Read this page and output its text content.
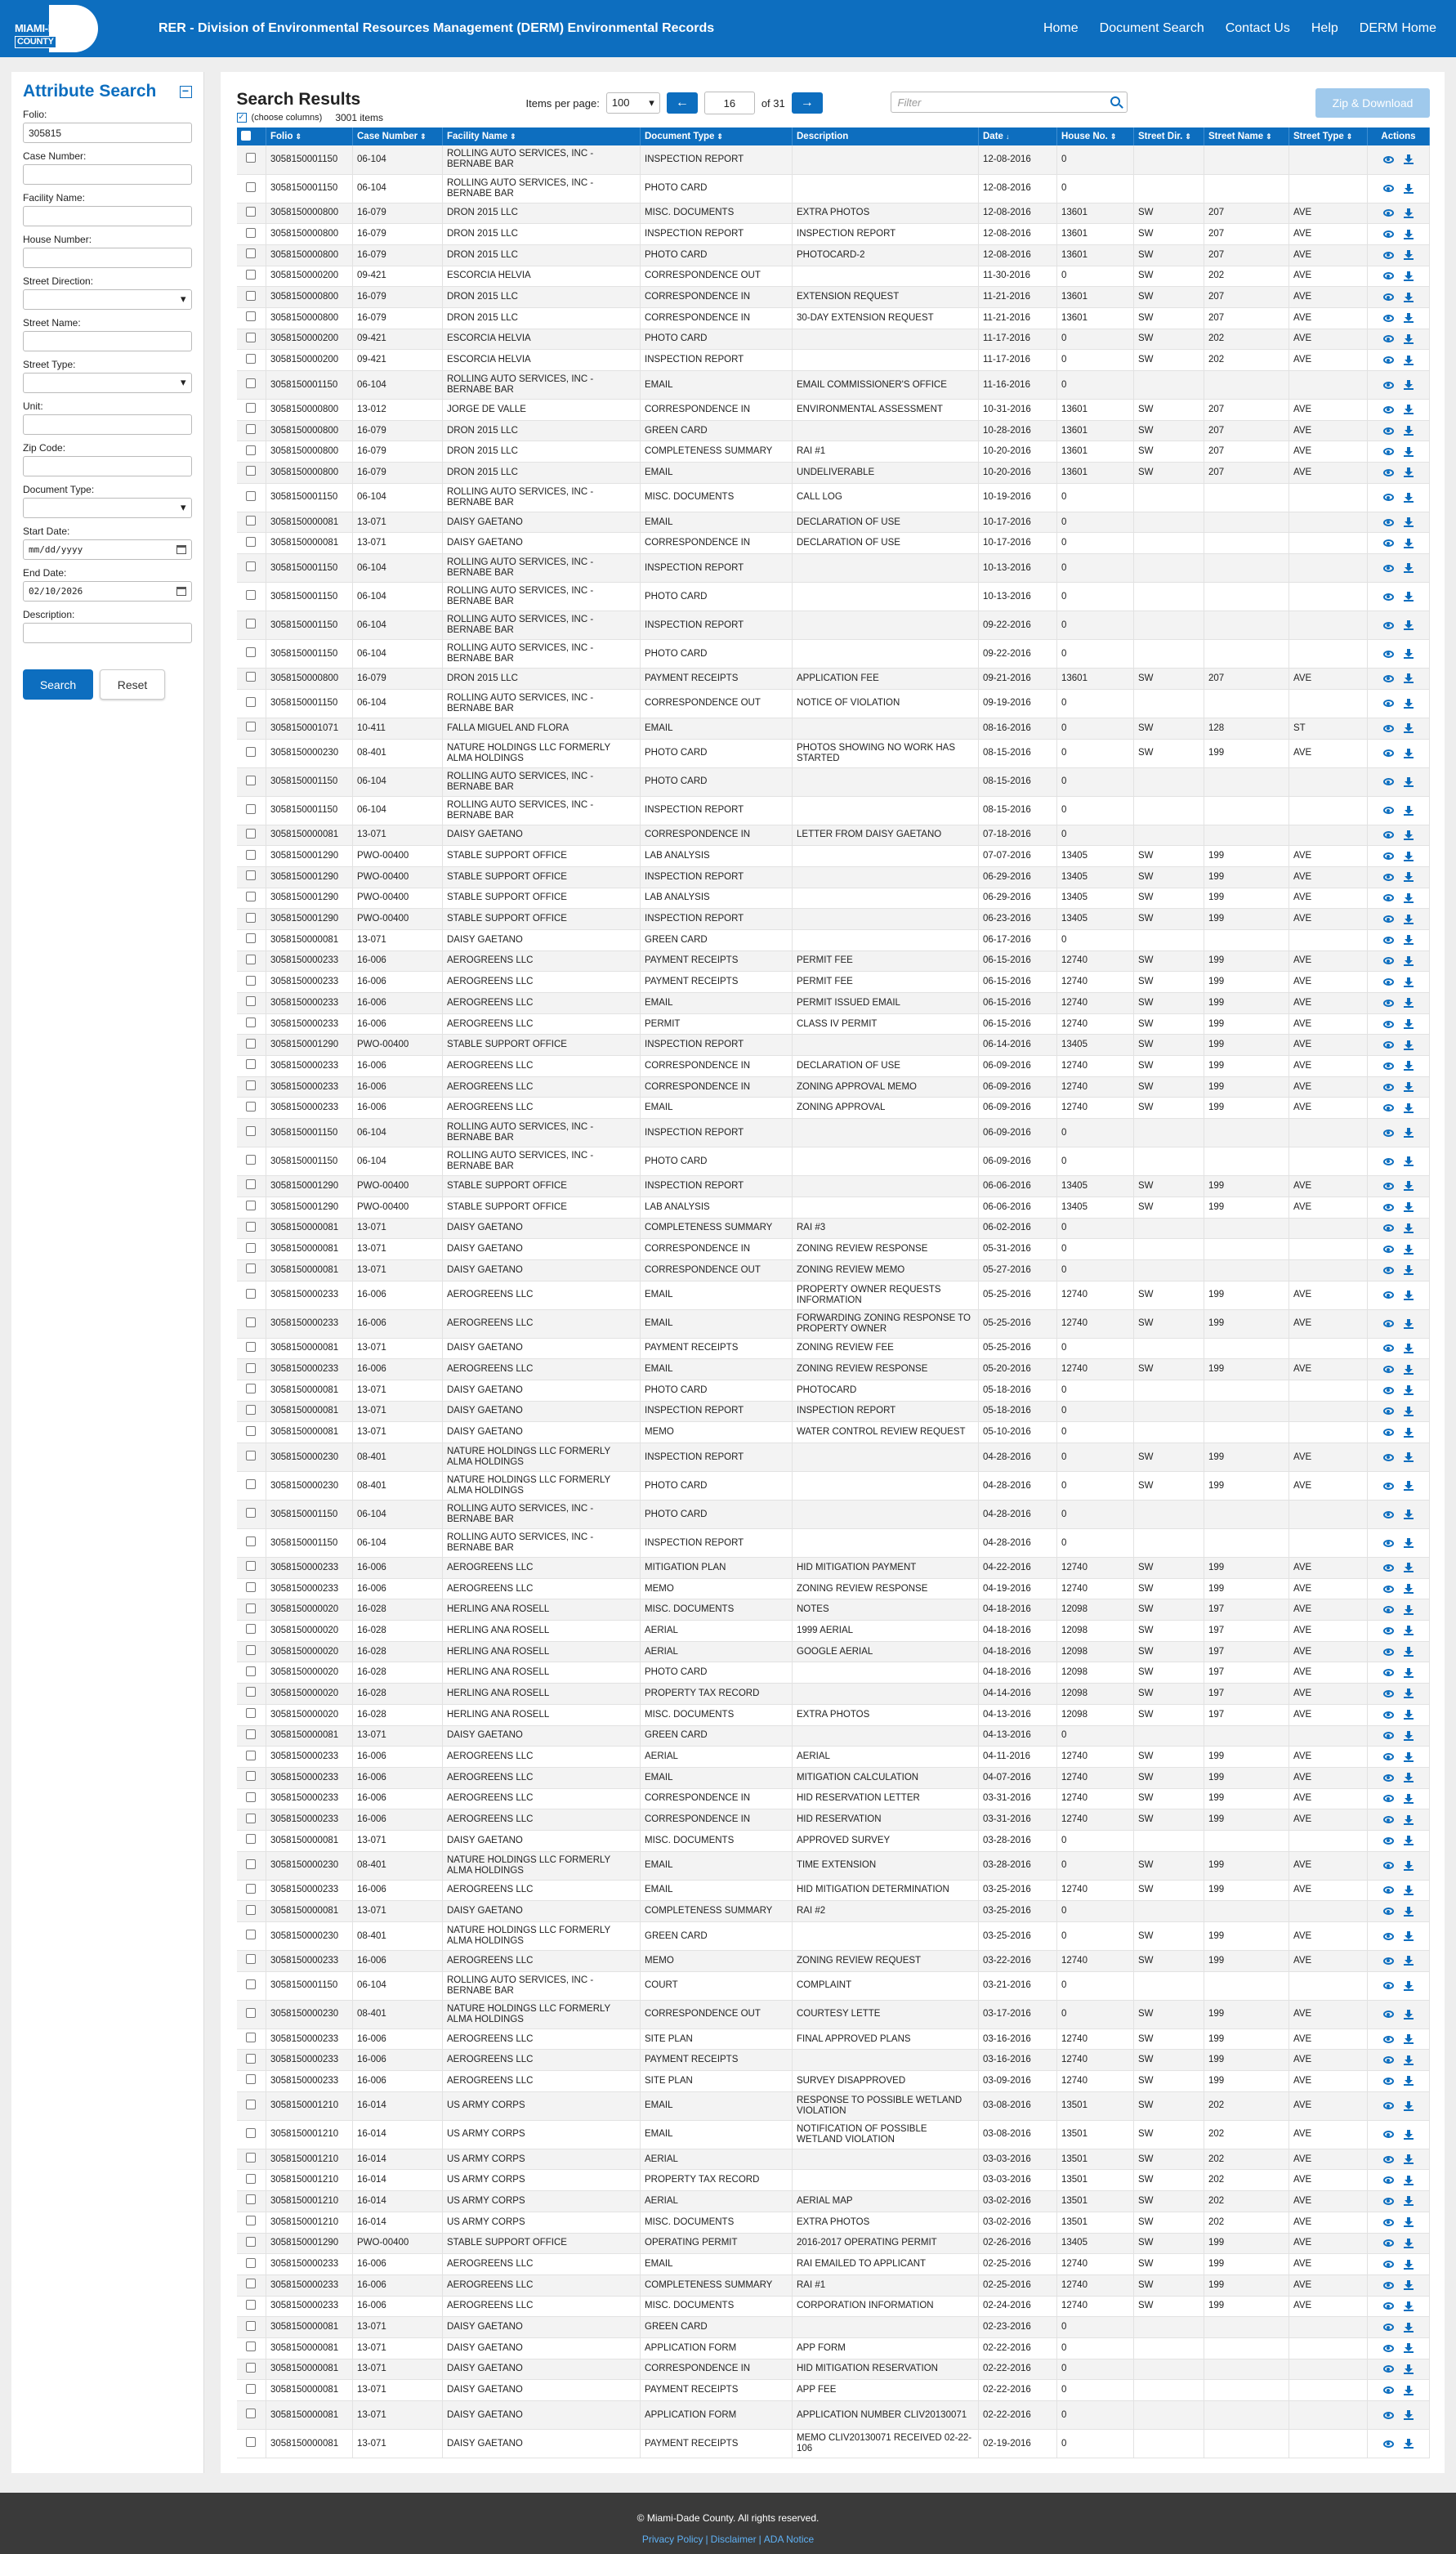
MIAMI-DADE
COUNTY
RER - Division of Environmental Resources Management (DERM) Environmental Records	Home Document Search Contact Us Help DERM Home
Attribute Search −
Folio:
305815
Case Number:
Facility Name:
House Number:
Street Direction:
▾
Street Name:
Street Type:
▾
Unit:
Zip Code:
Document Type:
▾
Start Date:
mm/dd/yyyy
End Date:
02/10/2026
Description:
Search	Reset
Search Results	Items per page:	100 ▾	←	16	of 31	→	Filter	Zip & Download
✓ (choose columns) 3001 items
	Folio ⇕	Case Number ⇕	Facility Name ⇕	Document Type ⇕	Description	Date ↓	House No. ⇕	Street Dir. ⇕	Street Name ⇕	Street Type ⇕	Actions
	3058150001150	06-104	ROLLING AUTO SERVICES, INC - BERNABE BAR	INSPECTION REPORT		12-08-2016	0				

	3058150001150	06-104	ROLLING AUTO SERVICES, INC - BERNABE BAR	PHOTO CARD		12-08-2016	0				

	3058150000800	16-079	DRON 2015 LLC	MISC. DOCUMENTS	EXTRA PHOTOS	12-08-2016	13601	SW	207	AVE	

	3058150000800	16-079	DRON 2015 LLC	INSPECTION REPORT	INSPECTION REPORT	12-08-2016	13601	SW	207	AVE	

	3058150000800	16-079	DRON 2015 LLC	PHOTO CARD	PHOTOCARD-2	12-08-2016	13601	SW	207	AVE	

	3058150000200	09-421	ESCORCIA HELVIA	CORRESPONDENCE OUT		11-30-2016	0	SW	202	AVE	

	3058150000800	16-079	DRON 2015 LLC	CORRESPONDENCE IN	EXTENSION REQUEST	11-21-2016	13601	SW	207	AVE	

	3058150000800	16-079	DRON 2015 LLC	CORRESPONDENCE IN	30-DAY EXTENSION REQUEST	11-21-2016	13601	SW	207	AVE	

	3058150000200	09-421	ESCORCIA HELVIA	PHOTO CARD		11-17-2016	0	SW	202	AVE	

	3058150000200	09-421	ESCORCIA HELVIA	INSPECTION REPORT		11-17-2016	0	SW	202	AVE	

	3058150001150	06-104	ROLLING AUTO SERVICES, INC - BERNABE BAR	EMAIL	EMAIL COMMISSIONER'S OFFICE	11-16-2016	0				

	3058150000800	13-012	JORGE DE VALLE	CORRESPONDENCE IN	ENVIRONMENTAL ASSESSMENT	10-31-2016	13601	SW	207	AVE	

	3058150000800	16-079	DRON 2015 LLC	GREEN CARD		10-28-2016	13601	SW	207	AVE	

	3058150000800	16-079	DRON 2015 LLC	COMPLETENESS SUMMARY	RAI #1	10-20-2016	13601	SW	207	AVE	

	3058150000800	16-079	DRON 2015 LLC	EMAIL	UNDELIVERABLE	10-20-2016	13601	SW	207	AVE	

	3058150001150	06-104	ROLLING AUTO SERVICES, INC - BERNABE BAR	MISC. DOCUMENTS	CALL LOG	10-19-2016	0				

	3058150000081	13-071	DAISY GAETANO	EMAIL	DECLARATION OF USE	10-17-2016	0				

	3058150000081	13-071	DAISY GAETANO	CORRESPONDENCE IN	DECLARATION OF USE	10-17-2016	0				

	3058150001150	06-104	ROLLING AUTO SERVICES, INC - BERNABE BAR	INSPECTION REPORT		10-13-2016	0				

	3058150001150	06-104	ROLLING AUTO SERVICES, INC - BERNABE BAR	PHOTO CARD		10-13-2016	0				

	3058150001150	06-104	ROLLING AUTO SERVICES, INC - BERNABE BAR	INSPECTION REPORT		09-22-2016	0				

	3058150001150	06-104	ROLLING AUTO SERVICES, INC - BERNABE BAR	PHOTO CARD		09-22-2016	0				

	3058150000800	16-079	DRON 2015 LLC	PAYMENT RECEIPTS	APPLICATION FEE	09-21-2016	13601	SW	207	AVE	

	3058150001150	06-104	ROLLING AUTO SERVICES, INC - BERNABE BAR	CORRESPONDENCE OUT	NOTICE OF VIOLATION	09-19-2016	0				

	3058150001071	10-411	FALLA MIGUEL AND FLORA	EMAIL		08-16-2016	0	SW	128	ST	

	3058150000230	08-401	NATURE HOLDINGS LLC FORMERLY ALMA HOLDINGS	PHOTO CARD	PHOTOS SHOWING NO WORK HAS STARTED	08-15-2016	0	SW	199	AVE	

	3058150001150	06-104	ROLLING AUTO SERVICES, INC - BERNABE BAR	PHOTO CARD		08-15-2016	0				

	3058150001150	06-104	ROLLING AUTO SERVICES, INC - BERNABE BAR	INSPECTION REPORT		08-15-2016	0				

	3058150000081	13-071	DAISY GAETANO	CORRESPONDENCE IN	LETTER FROM DAISY GAETANO	07-18-2016	0				

	3058150001290	PWO-00400	STABLE SUPPORT OFFICE	LAB ANALYSIS		07-07-2016	13405	SW	199	AVE	

	3058150001290	PWO-00400	STABLE SUPPORT OFFICE	INSPECTION REPORT		06-29-2016	13405	SW	199	AVE	

	3058150001290	PWO-00400	STABLE SUPPORT OFFICE	LAB ANALYSIS		06-29-2016	13405	SW	199	AVE	

	3058150001290	PWO-00400	STABLE SUPPORT OFFICE	INSPECTION REPORT		06-23-2016	13405	SW	199	AVE	

	3058150000081	13-071	DAISY GAETANO	GREEN CARD		06-17-2016	0				

	3058150000233	16-006	AEROGREENS LLC	PAYMENT RECEIPTS	PERMIT FEE	06-15-2016	12740	SW	199	AVE	

	3058150000233	16-006	AEROGREENS LLC	PAYMENT RECEIPTS	PERMIT FEE	06-15-2016	12740	SW	199	AVE	

	3058150000233	16-006	AEROGREENS LLC	EMAIL	PERMIT ISSUED EMAIL	06-15-2016	12740	SW	199	AVE	

	3058150000233	16-006	AEROGREENS LLC	PERMIT	CLASS IV PERMIT	06-15-2016	12740	SW	199	AVE	

	3058150001290	PWO-00400	STABLE SUPPORT OFFICE	INSPECTION REPORT		06-14-2016	13405	SW	199	AVE	

	3058150000233	16-006	AEROGREENS LLC	CORRESPONDENCE IN	DECLARATION OF USE	06-09-2016	12740	SW	199	AVE	

	3058150000233	16-006	AEROGREENS LLC	CORRESPONDENCE IN	ZONING APPROVAL MEMO	06-09-2016	12740	SW	199	AVE	

	3058150000233	16-006	AEROGREENS LLC	EMAIL	ZONING APPROVAL	06-09-2016	12740	SW	199	AVE	

	3058150001150	06-104	ROLLING AUTO SERVICES, INC - BERNABE BAR	INSPECTION REPORT		06-09-2016	0				

	3058150001150	06-104	ROLLING AUTO SERVICES, INC - BERNABE BAR	PHOTO CARD		06-09-2016	0				

	3058150001290	PWO-00400	STABLE SUPPORT OFFICE	INSPECTION REPORT		06-06-2016	13405	SW	199	AVE	

	3058150001290	PWO-00400	STABLE SUPPORT OFFICE	LAB ANALYSIS		06-06-2016	13405	SW	199	AVE	

	3058150000081	13-071	DAISY GAETANO	COMPLETENESS SUMMARY	RAI #3	06-02-2016	0				

	3058150000081	13-071	DAISY GAETANO	CORRESPONDENCE IN	ZONING REVIEW RESPONSE	05-31-2016	0				

	3058150000081	13-071	DAISY GAETANO	CORRESPONDENCE OUT	ZONING REVIEW MEMO	05-27-2016	0				

	3058150000233	16-006	AEROGREENS LLC	EMAIL	PROPERTY OWNER REQUESTS INFORMATION	05-25-2016	12740	SW	199	AVE	

	3058150000233	16-006	AEROGREENS LLC	EMAIL	FORWARDING ZONING RESPONSE TO PROPERTY OWNER	05-25-2016	12740	SW	199	AVE	

	3058150000081	13-071	DAISY GAETANO	PAYMENT RECEIPTS	ZONING REVIEW FEE	05-25-2016	0				

	3058150000233	16-006	AEROGREENS LLC	EMAIL	ZONING REVIEW RESPONSE	05-20-2016	12740	SW	199	AVE	

	3058150000081	13-071	DAISY GAETANO	PHOTO CARD	PHOTOCARD	05-18-2016	0				

	3058150000081	13-071	DAISY GAETANO	INSPECTION REPORT	INSPECTION REPORT	05-18-2016	0				

	3058150000081	13-071	DAISY GAETANO	MEMO	WATER CONTROL REVIEW REQUEST	05-10-2016	0				

	3058150000230	08-401	NATURE HOLDINGS LLC FORMERLY ALMA HOLDINGS	INSPECTION REPORT		04-28-2016	0	SW	199	AVE	

	3058150000230	08-401	NATURE HOLDINGS LLC FORMERLY ALMA HOLDINGS	PHOTO CARD		04-28-2016	0	SW	199	AVE	

	3058150001150	06-104	ROLLING AUTO SERVICES, INC - BERNABE BAR	PHOTO CARD		04-28-2016	0				

	3058150001150	06-104	ROLLING AUTO SERVICES, INC - BERNABE BAR	INSPECTION REPORT		04-28-2016	0				

	3058150000233	16-006	AEROGREENS LLC	MITIGATION PLAN	HID MITIGATION PAYMENT	04-22-2016	12740	SW	199	AVE	

	3058150000233	16-006	AEROGREENS LLC	MEMO	ZONING REVIEW RESPONSE	04-19-2016	12740	SW	199	AVE	

	3058150000020	16-028	HERLING ANA ROSELL	MISC. DOCUMENTS	NOTES	04-18-2016	12098	SW	197	AVE	

	3058150000020	16-028	HERLING ANA ROSELL	AERIAL	1999 AERIAL	04-18-2016	12098	SW	197	AVE	

	3058150000020	16-028	HERLING ANA ROSELL	AERIAL	GOOGLE AERIAL	04-18-2016	12098	SW	197	AVE	

	3058150000020	16-028	HERLING ANA ROSELL	PHOTO CARD		04-18-2016	12098	SW	197	AVE	

	3058150000020	16-028	HERLING ANA ROSELL	PROPERTY TAX RECORD		04-14-2016	12098	SW	197	AVE	

	3058150000020	16-028	HERLING ANA ROSELL	MISC. DOCUMENTS	EXTRA PHOTOS	04-13-2016	12098	SW	197	AVE	

	3058150000081	13-071	DAISY GAETANO	GREEN CARD		04-13-2016	0				

	3058150000233	16-006	AEROGREENS LLC	AERIAL	AERIAL	04-11-2016	12740	SW	199	AVE	

	3058150000233	16-006	AEROGREENS LLC	EMAIL	MITIGATION CALCULATION	04-07-2016	12740	SW	199	AVE	

	3058150000233	16-006	AEROGREENS LLC	CORRESPONDENCE IN	HID RESERVATION LETTER	03-31-2016	12740	SW	199	AVE	

	3058150000233	16-006	AEROGREENS LLC	CORRESPONDENCE IN	HID RESERVATION	03-31-2016	12740	SW	199	AVE	

	3058150000081	13-071	DAISY GAETANO	MISC. DOCUMENTS	APPROVED SURVEY	03-28-2016	0				

	3058150000230	08-401	NATURE HOLDINGS LLC FORMERLY ALMA HOLDINGS	EMAIL	TIME EXTENSION	03-28-2016	0	SW	199	AVE	

	3058150000233	16-006	AEROGREENS LLC	EMAIL	HID MITIGATION DETERMINATION	03-25-2016	12740	SW	199	AVE	

	3058150000081	13-071	DAISY GAETANO	COMPLETENESS SUMMARY	RAI #2	03-25-2016	0				

	3058150000230	08-401	NATURE HOLDINGS LLC FORMERLY ALMA HOLDINGS	GREEN CARD		03-25-2016	0	SW	199	AVE	

	3058150000233	16-006	AEROGREENS LLC	MEMO	ZONING REVIEW REQUEST	03-22-2016	12740	SW	199	AVE	

	3058150001150	06-104	ROLLING AUTO SERVICES, INC - BERNABE BAR	COURT	COMPLAINT	03-21-2016	0				

	3058150000230	08-401	NATURE HOLDINGS LLC FORMERLY ALMA HOLDINGS	CORRESPONDENCE OUT	COURTESY LETTE	03-17-2016	0	SW	199	AVE	

	3058150000233	16-006	AEROGREENS LLC	SITE PLAN	FINAL APPROVED PLANS	03-16-2016	12740	SW	199	AVE	

	3058150000233	16-006	AEROGREENS LLC	PAYMENT RECEIPTS		03-16-2016	12740	SW	199	AVE	

	3058150000233	16-006	AEROGREENS LLC	SITE PLAN	SURVEY DISAPPROVED	03-09-2016	12740	SW	199	AVE	

	3058150001210	16-014	US ARMY CORPS	EMAIL	RESPONSE TO POSSIBLE WETLAND VIOLATION	03-08-2016	13501	SW	202	AVE	

	3058150001210	16-014	US ARMY CORPS	EMAIL	NOTIFICATION OF POSSIBLE WETLAND VIOLATION	03-08-2016	13501	SW	202	AVE	

	3058150001210	16-014	US ARMY CORPS	AERIAL		03-03-2016	13501	SW	202	AVE	

	3058150001210	16-014	US ARMY CORPS	PROPERTY TAX RECORD		03-03-2016	13501	SW	202	AVE	

	3058150001210	16-014	US ARMY CORPS	AERIAL	AERIAL MAP	03-02-2016	13501	SW	202	AVE	

	3058150001210	16-014	US ARMY CORPS	MISC. DOCUMENTS	EXTRA PHOTOS	03-02-2016	13501	SW	202	AVE	

	3058150001290	PWO-00400	STABLE SUPPORT OFFICE	OPERATING PERMIT	2016-2017 OPERATING PERMIT	02-26-2016	13405	SW	199	AVE	

	3058150000233	16-006	AEROGREENS LLC	EMAIL	RAI EMAILED TO APPLICANT	02-25-2016	12740	SW	199	AVE	

	3058150000233	16-006	AEROGREENS LLC	COMPLETENESS SUMMARY	RAI #1	02-25-2016	12740	SW	199	AVE	

	3058150000233	16-006	AEROGREENS LLC	MISC. DOCUMENTS	CORPORATION INFORMATION	02-24-2016	12740	SW	199	AVE	

	3058150000081	13-071	DAISY GAETANO	GREEN CARD		02-23-2016	0				

	3058150000081	13-071	DAISY GAETANO	APPLICATION FORM	APP FORM	02-22-2016	0				

	3058150000081	13-071	DAISY GAETANO	CORRESPONDENCE IN	HID MITIGATION RESERVATION	02-22-2016	0				

	3058150000081	13-071	DAISY GAETANO	PAYMENT RECEIPTS	APP FEE	02-22-2016	0				

	3058150000081	13-071	DAISY GAETANO	APPLICATION FORM	APPLICATION NUMBER CLIV20130071	02-22-2016	0				

	3058150000081	13-071	DAISY GAETANO	PAYMENT RECEIPTS	MEMO CLIV20130071 RECEIVED 02-22-106	02-19-2016	0				
© Miami-Dade County. All rights reserved.
Privacy Policy | Disclaimer | ADA Notice
